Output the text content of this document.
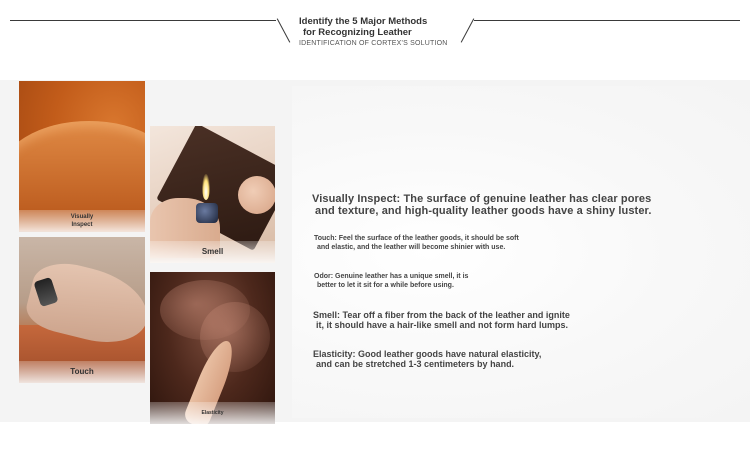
Identify the 5 Major Methods
for Recognizing Leather
IDENTIFICATION OF CORTEX'S SOLUTION
Visually
Inspect
Smell
Touch
Elasticity
Visually Inspect: The surface of genuine leather has clear pores
and texture, and high-quality leather goods have a shiny luster.
Touch: Feel the surface of the leather goods, it should be soft
and elastic, and the leather will become shinier with use.
Odor: Genuine leather has a unique smell, it is
better to let it sit for a while before using.
Smell: Tear off a fiber from the back of the leather and ignite
it, it should have a hair-like smell and not form hard lumps.
Elasticity: Good leather goods have natural elasticity,
and can be stretched 1-3 centimeters by hand.
